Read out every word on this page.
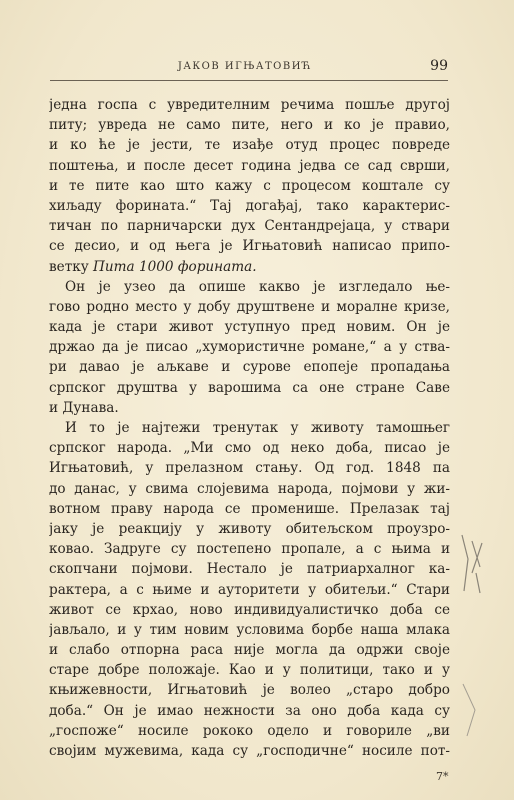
ЈАКОВ ИГЊАТОВИЋ	99
једна госпа с увредителним речима пошље другој
питу; увреда не само пите, него и ко је правио,
и ко ће је јести, те изађе отуд процес повреде
поштења, и после десет година једва се сад сврши,
и те пите као што кажу с процесом коштале су
хиљаду форината.“ Тај догађај, тако карактерис-
тичан по парничарски дух Сентандрејаца, у ствари
се десио, и од њега је Игњатовић написао припо-
ветку Пита 1000 форината.
Он је узео да опише какво је изгледало ње-
гово родно место у добу друштвене и моралне кризе,
када је стари живот уступнуо пред новим. Он је
држао да је писао „хумористичне романе,“ а у ства-
ри давао је аљкаве и сурове епопеје пропадања
српског друштва у варошима са оне стране Саве
и Дунава.
И то је најтежи тренутак у животу тамошњег
српског народа. „Ми смо од неко доба, писао је
Игњатовић, у прелазном стању. Од год. 1848 па
до данас, у свима слојевима народа, појмови у жи-
вотном праву народа се променише. Прелазак тај
јаку је реакцију у животу обитељском проузро-
ковао. Задруге су постепено пропале, а с њима и
скопчани појмови. Нестало је патриархалног ка-
рактера, а с њиме и ауторитети у обитељи.“ Стари
живот се крхао, ново индивидуалистичко доба се
јављало, и у тим новим условима борбе наша млака
и слабо отпорна раса није могла да одржи своје
старе добре положаје. Као и у политици, тако и у
књижевности, Игњатовић је волео „старо добро
доба.“ Он је имао нежности за оно доба када су
„госпоже“ носиле рококо одело и говориле „ви
својим мужевима, када су „господичне“ носиле пот-
7*
